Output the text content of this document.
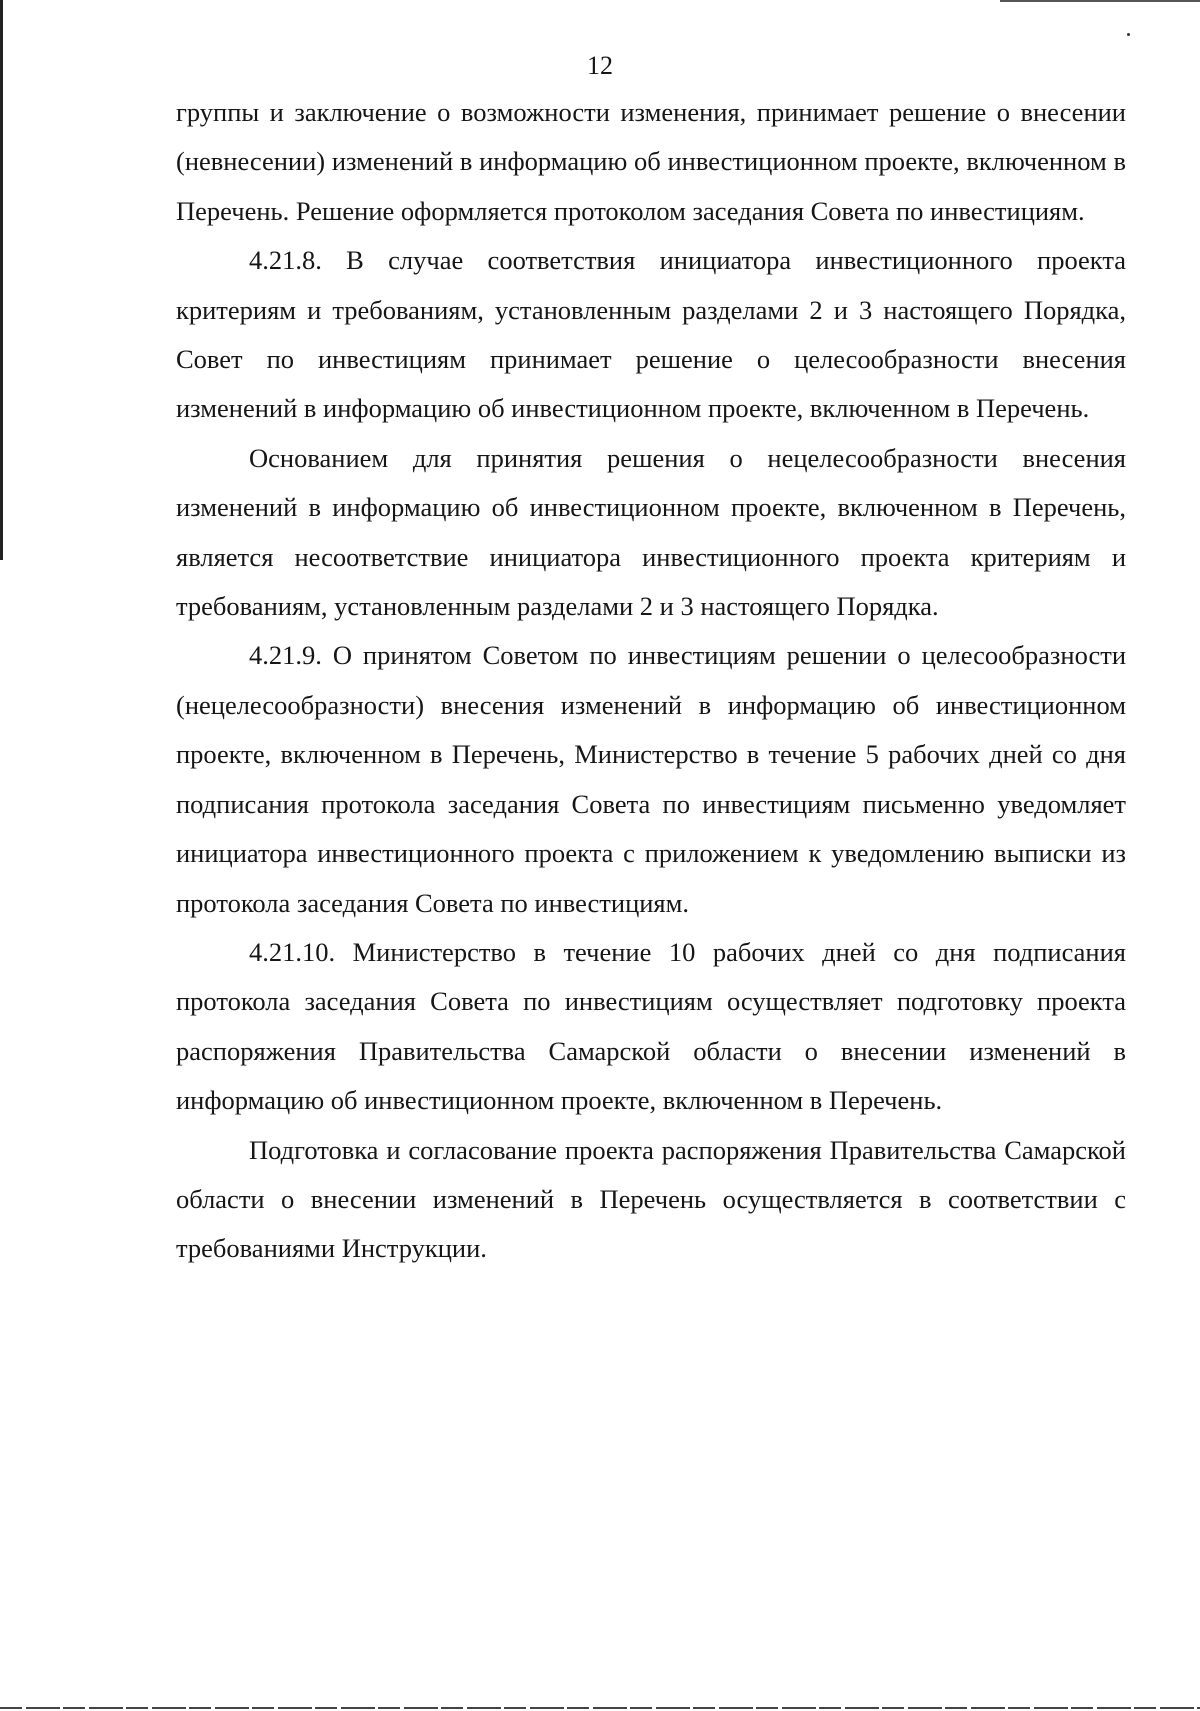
12

группы и заключение о возможности изменения, принимает решение о внесении (невнесении) изменений в информацию об инвестиционном проекте, включенном в Перечень. Решение оформляется протоколом заседания Совета по инвестициям.

4.21.8. В случае соответствия инициатора инвестиционного проекта критериям и требованиям, установленным разделами 2 и 3 настоящего Порядка, Совет по инвестициям принимает решение о целесообразности внесения изменений в информацию об инвестиционном проекте, включенном в Перечень.

Основанием для принятия решения о нецелесообразности внесения изменений в информацию об инвестиционном проекте, включенном в Перечень, является несоответствие инициатора инвестиционного проекта критериям и требованиям, установленным разделами 2 и 3 настоящего Порядка.

4.21.9. О принятом Советом по инвестициям решении о целесообразности (нецелесообразности) внесения изменений в информацию об инвестиционном проекте, включенном в Перечень, Министерство в течение 5 рабочих дней со дня подписания протокола заседания Совета по инвестициям письменно уведомляет инициатора инвестиционного проекта с приложением к уведомлению выписки из протокола заседания Совета по инвестициям.

4.21.10. Министерство в течение 10 рабочих дней со дня подписания протокола заседания Совета по инвестициям осуществляет подготовку проекта распоряжения Правительства Самарской области о внесении изменений в информацию об инвестиционном проекте, включенном в Перечень.

Подготовка и согласование проекта распоряжения Правительства Самарской области о внесении изменений в Перечень осуществляется в соответствии с требованиями Инструкции.
